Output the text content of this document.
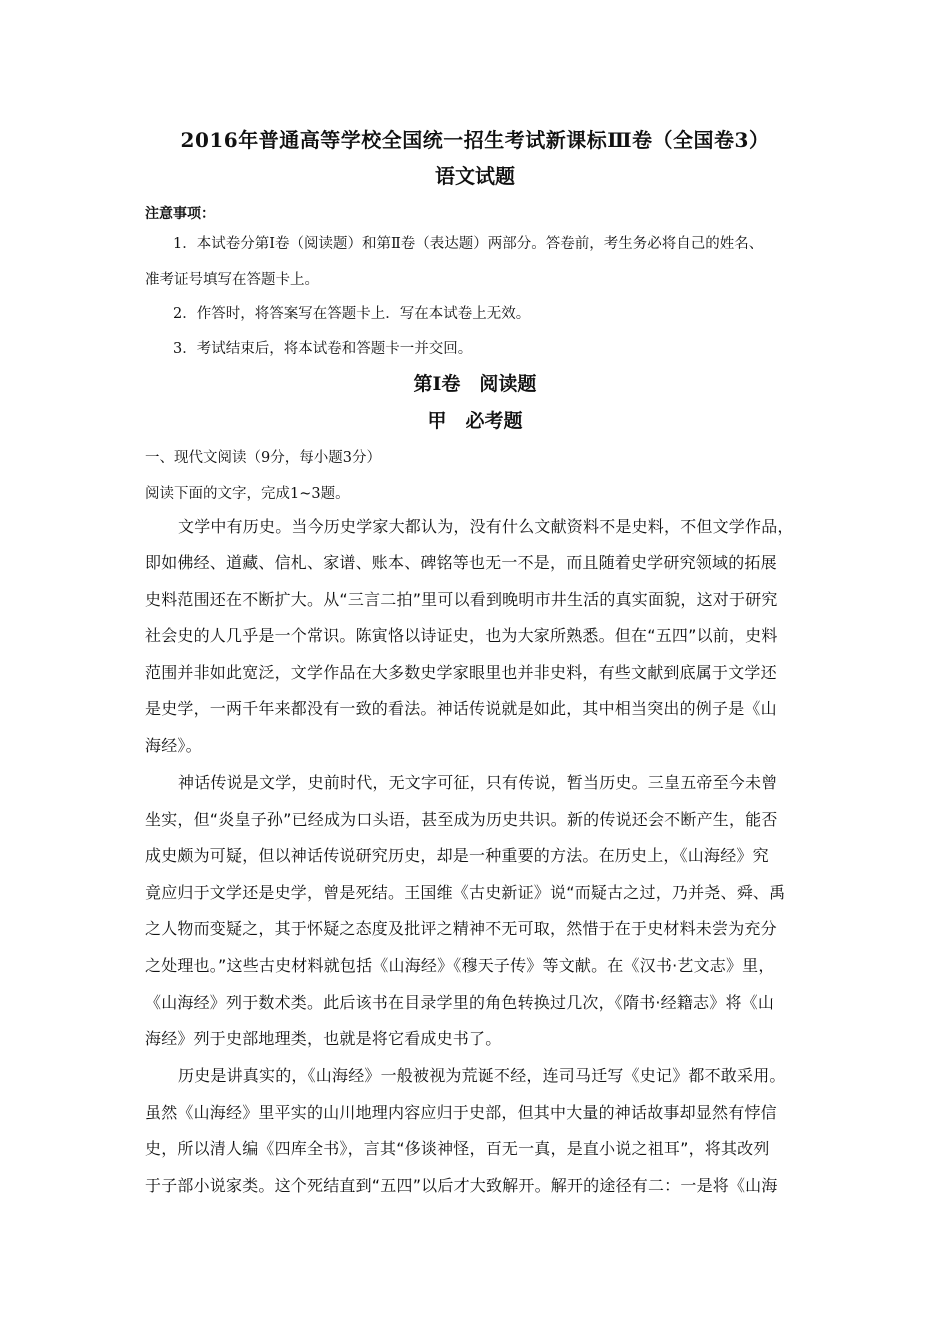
2016年普通高等学校全国统一招生考试新课标Ⅲ卷（全国卷3）
语文试题
注意事项：
1．本试卷分第Ⅰ卷（阅读题）和第Ⅱ卷（表达题）两部分。答卷前，考生务必将自己的姓名、
准考证号填写在答题卡上。
2．作答时，将答案写在答题卡上．写在本试卷上无效。
3．考试结束后，将本试卷和答题卡一并交回。
第Ⅰ卷　阅读题
甲　必考题
一、现代文阅读（9分，每小题3分）
阅读下面的文字，完成1~3题。
文学中有历史。当今历史学家大都认为，没有什么文献资料不是史料，不但文学作品，
即如佛经、道藏、信札、家谱、账本、碑铭等也无一不是，而且随着史学研究领域的拓展
史料范围还在不断扩大。从“三言二拍”里可以看到晚明市井生活的真实面貌，这对于研究
社会史的人几乎是一个常识。陈寅恪以诗证史，也为大家所熟悉。但在“五四”以前，史料
范围并非如此宽泛，文学作品在大多数史学家眼里也并非史料，有些文献到底属于文学还
是史学，一两千年来都没有一致的看法。神话传说就是如此，其中相当突出的例子是《山
海经》。
神话传说是文学，史前时代，无文字可征，只有传说，暂当历史。三皇五帝至今未曾
坐实，但“炎皇子孙”已经成为口头语，甚至成为历史共识。新的传说还会不断产生，能否
成史颇为可疑，但以神话传说研究历史，却是一种重要的方法。在历史上，《山海经》究
竟应归于文学还是史学，曾是死结。王国维《古史新证》说“而疑古之过，乃并尧、舜、禹
之人物而变疑之，其于怀疑之态度及批评之精神不无可取，然惜于在于史材料未尝为充分
之处理也。”这些古史材料就包括《山海经》《穆天子传》等文献。在《汉书·艺文志》里，
《山海经》列于数术类。此后该书在目录学里的角色转换过几次，《隋书·经籍志》将《山
海经》列于史部地理类，也就是将它看成史书了。
历史是讲真实的，《山海经》一般被视为荒诞不经，连司马迁写《史记》都不敢采用。
虽然《山海经》里平实的山川地理内容应归于史部，但其中大量的神话故事却显然有悖信
史，所以清人编《四库全书》，言其“侈谈神怪，百无一真，是直小说之祖耳”，将其改列
于子部小说家类。这个死结直到“五四”以后才大致解开。解开的途径有二：一是将《山海
